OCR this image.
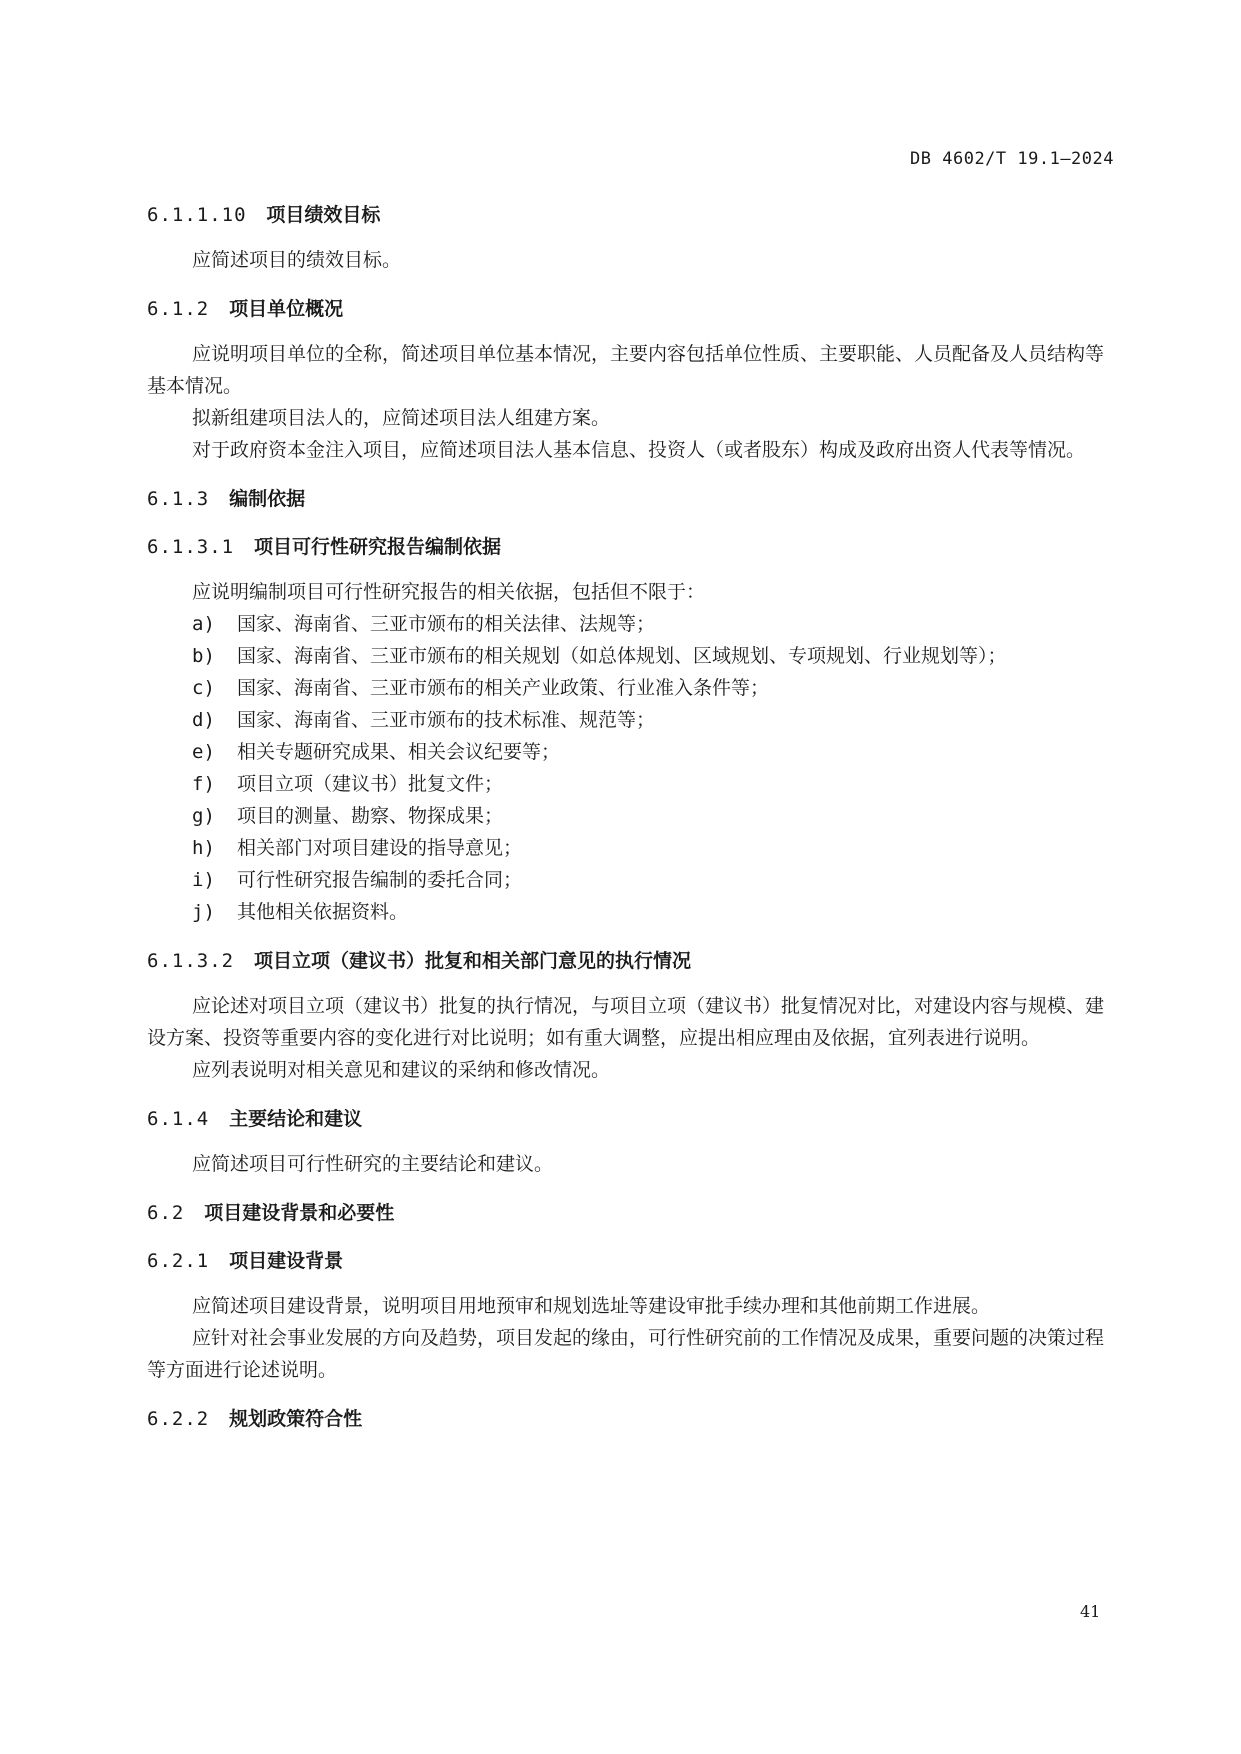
DB 4602/T 19.1—2024
6.1.1.10 项目绩效目标

应简述项目的绩效目标。

6.1.2 项目单位概况

应说明项目单位的全称，简述项目单位基本情况，主要内容包括单位性质、主要职能、人员配备及人员结构等基本情况。

拟新组建项目法人的，应简述项目法人组建方案。

对于政府资本金注入项目，应简述项目法人基本信息、投资人（或者股东）构成及政府出资人代表等情况。

6.1.3 编制依据
6.1.3.1 项目可行性研究报告编制依据

应说明编制项目可行性研究报告的相关依据，包括但不限于：

a) 国家、海南省、三亚市颁布的相关法律、法规等；
b) 国家、海南省、三亚市颁布的相关规划（如总体规划、区域规划、专项规划、行业规划等）；
c) 国家、海南省、三亚市颁布的相关产业政策、行业准入条件等；
d) 国家、海南省、三亚市颁布的技术标准、规范等；
e) 相关专题研究成果、相关会议纪要等；
f) 项目立项（建议书）批复文件；
g) 项目的测量、勘察、物探成果；
h) 相关部门对项目建设的指导意见；
i) 可行性研究报告编制的委托合同；
j) 其他相关依据资料。
6.1.3.2 项目立项（建议书）批复和相关部门意见的执行情况

应论述对项目立项（建议书）批复的执行情况，与项目立项（建议书）批复情况对比，对建设内容与规模、建设方案、投资等重要内容的变化进行对比说明；如有重大调整，应提出相应理由及依据，宜列表进行说明。

应列表说明对相关意见和建议的采纳和修改情况。

6.1.4 主要结论和建议

应简述项目可行性研究的主要结论和建议。

6.2 项目建设背景和必要性
6.2.1 项目建设背景

应简述项目建设背景，说明项目用地预审和规划选址等建设审批手续办理和其他前期工作进展。

应针对社会事业发展的方向及趋势，项目发起的缘由，可行性研究前的工作情况及成果，重要问题的决策过程等方面进行论述说明。

6.2.2 规划政策符合性
41
